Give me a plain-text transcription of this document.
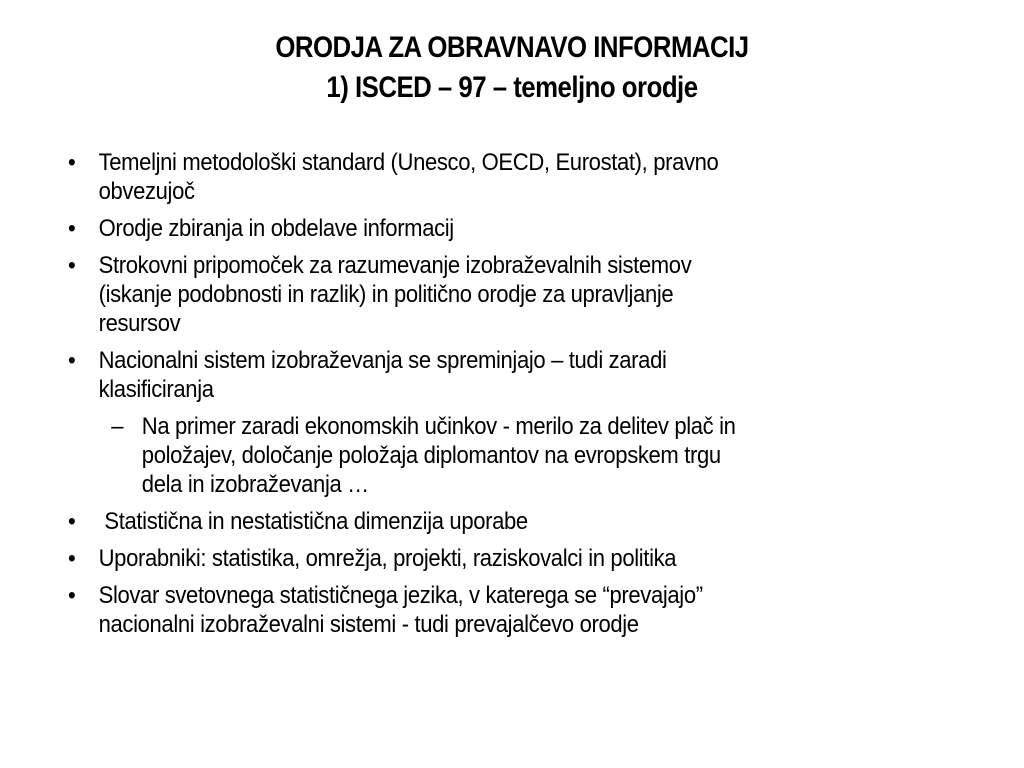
ORODJA ZA OBRAVNAVO INFORMACIJ
1) ISCED – 97 – temeljno orodje
• Temeljni metodološki standard (Unesco, OECD, Eurostat), pravno
obvezujoč
• Orodje zbiranja in obdelave informacij
• Strokovni pripomoček za razumevanje izobraževalnih sistemov
(iskanje podobnosti in razlik) in politično orodje za upravljanje
resursov
• Nacionalni sistem izobraževanja se spreminjajo – tudi zaradi
klasificiranja
– Na primer zaradi ekonomskih učinkov - merilo za delitev plač in
položajev, določanje položaja diplomantov na evropskem trgu
dela in izobraževanja …
• Statistična in nestatistična dimenzija uporabe
• Uporabniki: statistika, omrežja, projekti, raziskovalci in politika
• Slovar svetovnega statističnega jezika, v katerega se “prevajajo”
nacionalni izobraževalni sistemi - tudi prevajalčevo orodje
